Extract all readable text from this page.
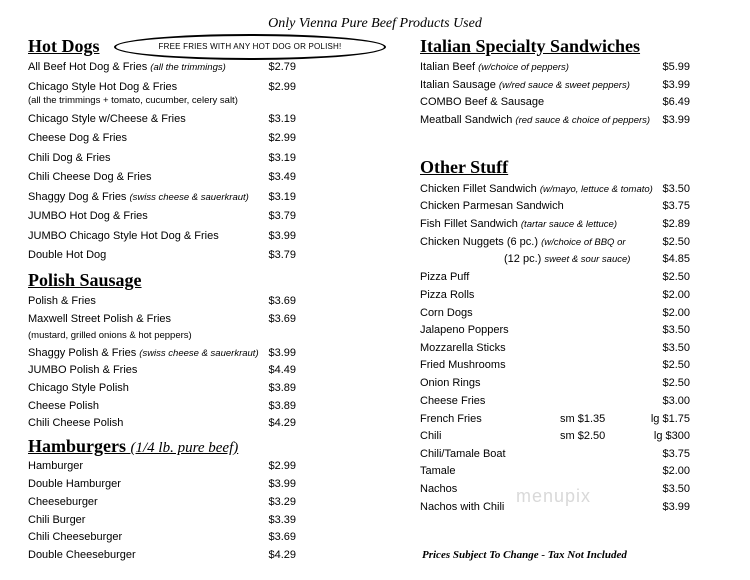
Only Vienna Pure Beef Products Used
FREE FRIES WITH ANY HOT DOG OR POLISH!
Hot Dogs
All Beef Hot Dog & Fries (all the trimmings)	$2.79
Chicago Style Hot Dog & Fries	$2.99
(all the trimmings + tomato, cucumber, celery salt)
Chicago Style w/Cheese & Fries	$3.19
Cheese Dog & Fries	$2.99
Chili Dog & Fries	$3.19
Chili Cheese Dog & Fries	$3.49
Shaggy Dog & Fries (swiss cheese & sauerkraut) $3.19
JUMBO Hot Dog & Fries	$3.79
JUMBO Chicago Style Hot Dog & Fries	$3.99
Double Hot Dog	$3.79
Polish Sausage
Polish & Fries	$3.69
Maxwell Street Polish & Fries	$3.69
(mustard, grilled onions & hot peppers)
Shaggy Polish & Fries (swiss cheese & sauerkraut) $3.99
JUMBO Polish & Fries	$4.49
Chicago Style Polish	$3.89
Cheese Polish	$3.89
Chili Cheese Polish	$4.29
Hamburgers (1/4 lb. pure beef)
Hamburger	$2.99
Double Hamburger	$3.99
Cheeseburger	$3.29
Chili Burger	$3.39
Chili Cheeseburger	$3.69
Double Cheeseburger	$4.29
Italian Specialty Sandwiches
Italian Beef (w/choice of peppers)	$5.99
Italian Sausage (w/red sauce & sweet peppers)	$3.99
COMBO Beef & Sausage	$6.49
Meatball Sandwich (red sauce & choice of peppers) $3.99
Other Stuff
Chicken Fillet Sandwich (w/mayo, lettuce & tomato) $3.50
Chicken Parmesan Sandwich	$3.75
Fish Fillet Sandwich (tartar sauce & lettuce)	$2.89
Chicken Nuggets (6 pc.) (w/choice of BBQ or	$2.50
(12 pc.) sweet & sour sauce)	$4.85
Pizza Puff	$2.50
Pizza Rolls	$2.00
Corn Dogs	$2.00
Jalapeno Poppers	$3.50
Mozzarella Sticks	$3.50
Fried Mushrooms	$2.50
Onion Rings	$2.50
Cheese Fries	$3.00
French Fries	sm $1.35	lg $1.75
Chili	sm $2.50	lg $300
Chili/Tamale Boat	$3.75
Tamale	$2.00
Nachos	$3.50
Nachos with Chili	$3.99
menupix
Prices Subject To Change - Tax Not Included
